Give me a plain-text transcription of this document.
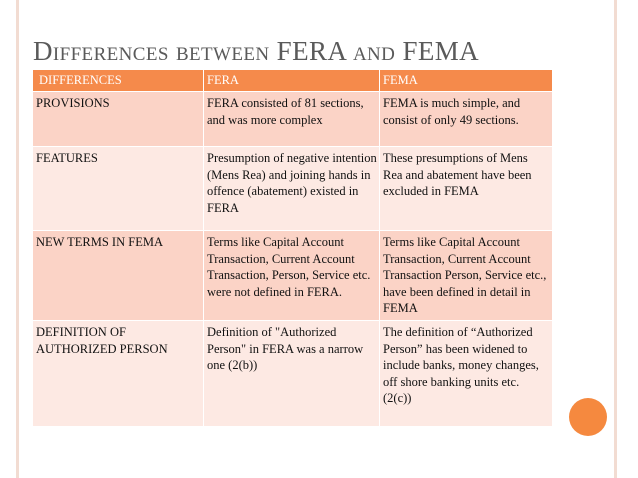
Differences between FERA and FEMA
DIFFERENCES	FERA	FEMA
PROVISIONS	FERA consisted of 81 sections, and was more complex	FEMA is much simple, and consist of only 49 sections.
FEATURES	Presumption of negative intention (Mens Rea) and joining hands in offence (abatement) existed in FERA	These presumptions of Mens Rea and abatement have been excluded in FEMA
NEW TERMS IN FEMA	Terms like Capital Account Transaction, Current Account Transaction, Person, Service etc. were not defined in FERA.	Terms like Capital Account Transaction, Current Account Transaction Person, Service etc., have been defined in detail in FEMA
DEFINITION OF AUTHORIZED PERSON	Definition of "Authorized Person" in FERA was a narrow one (2(b))	The definition of “Authorized Person” has been widened to include banks, money changes, off shore banking units etc. (2(c))
